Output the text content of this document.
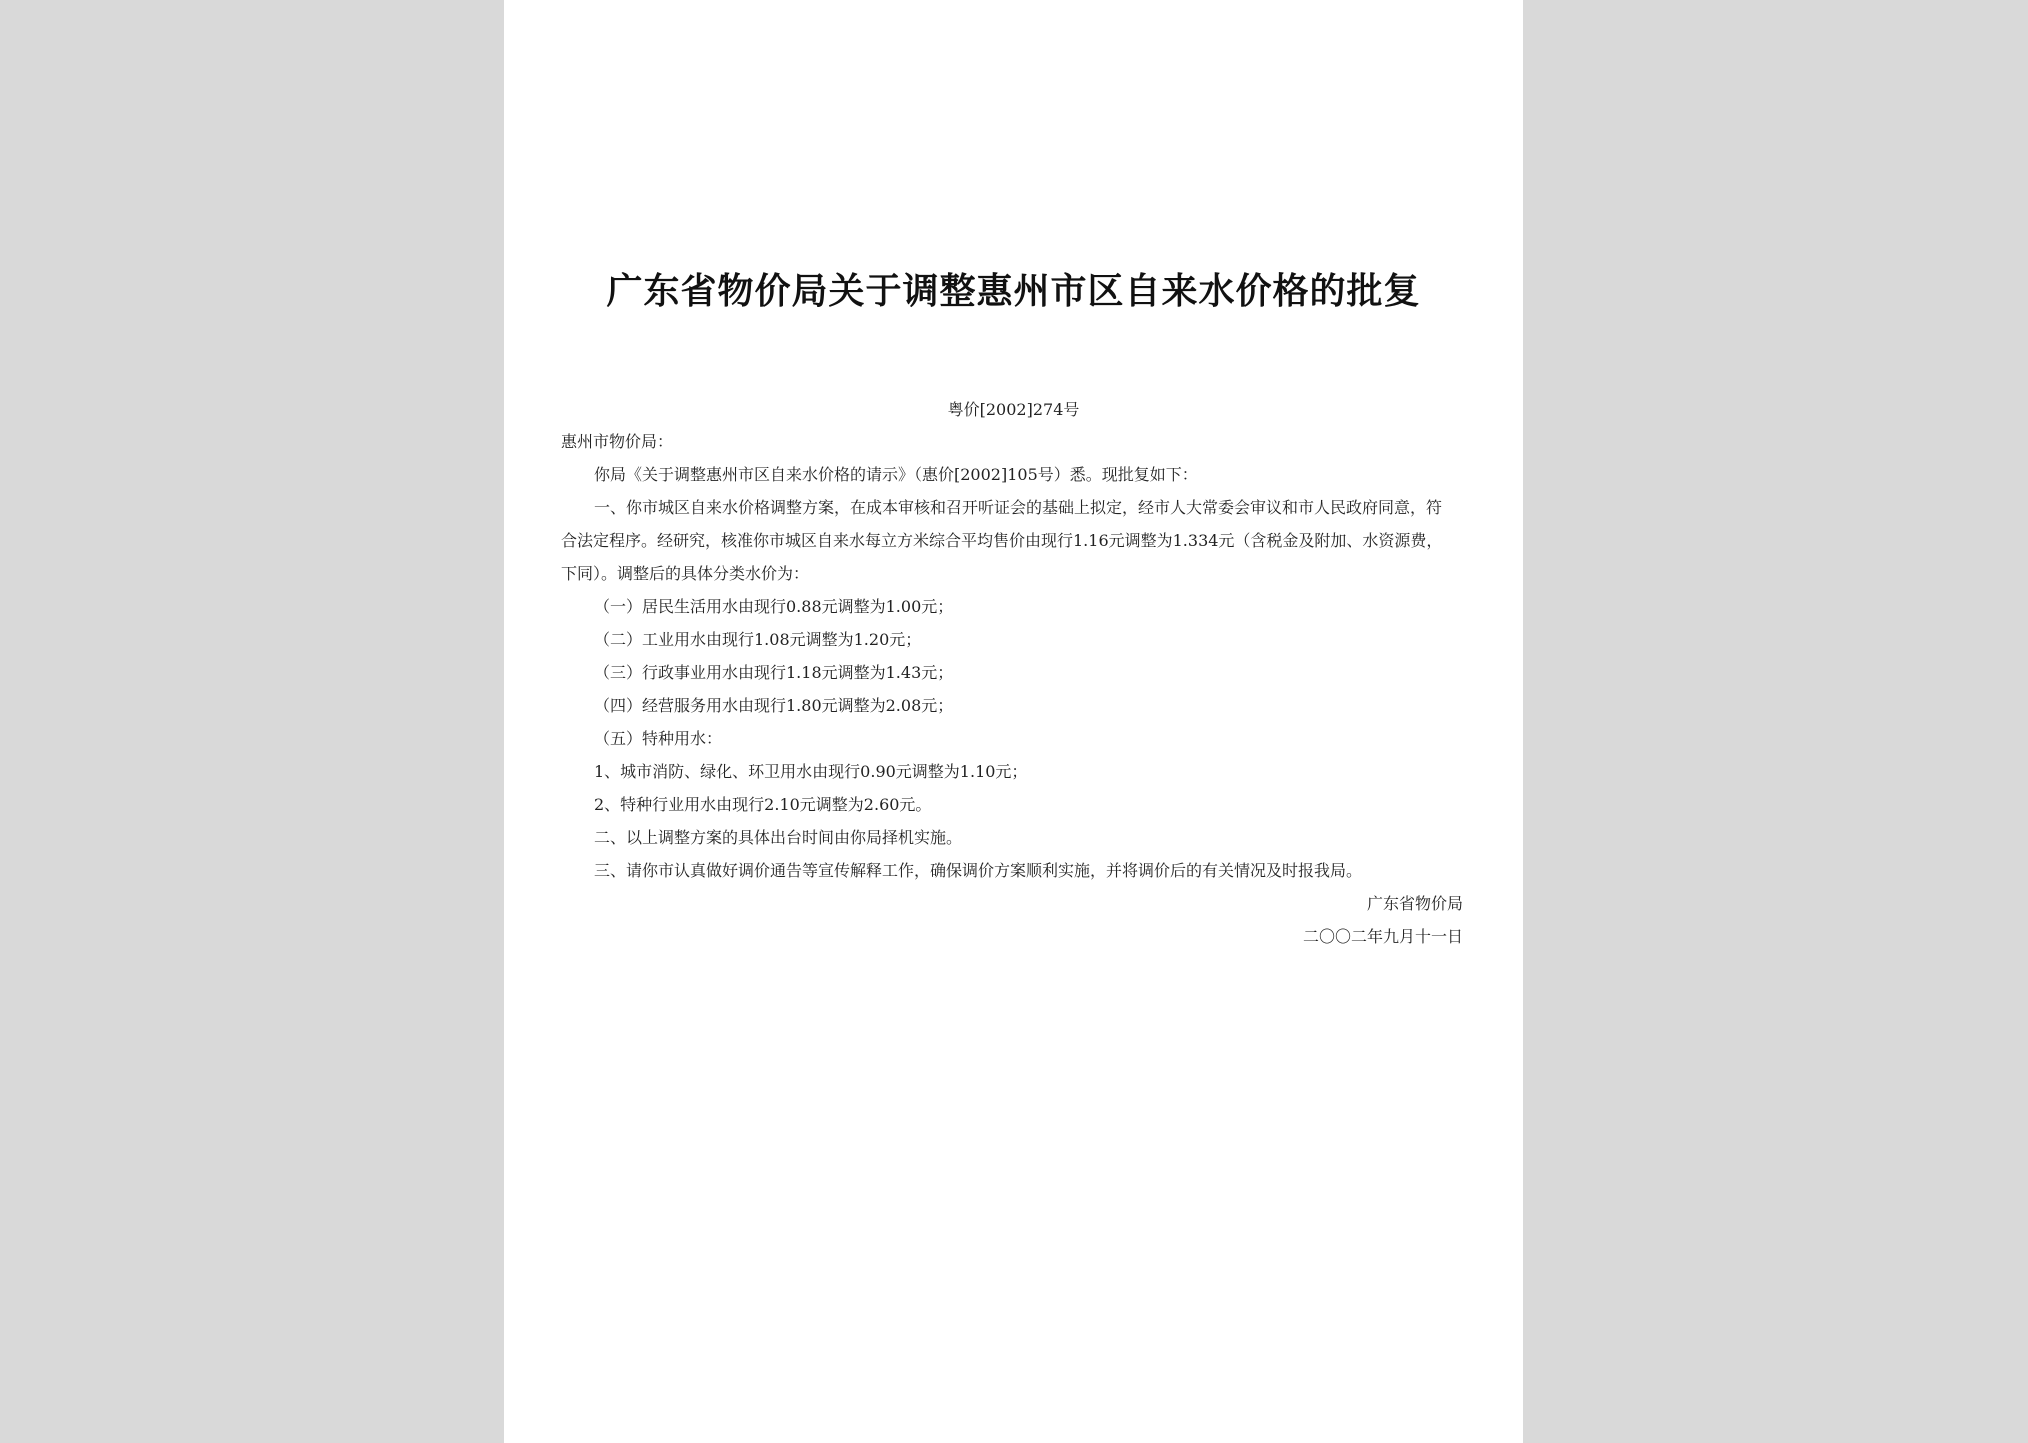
广东省物价局关于调整惠州市区自来水价格的批复
粤价[2002]274号
惠州市物价局：
你局《关于调整惠州市区自来水价格的请示》（惠价[2002]105号）悉。现批复如下：
一、你市城区自来水价格调整方案，在成本审核和召开听证会的基础上拟定，经市人大常委会审议和市人民政府同意，符
合法定程序。经研究，核准你市城区自来水每立方米综合平均售价由现行1.16元调整为1.334元（含税金及附加、水资源费，
下同）。调整后的具体分类水价为：
（一）居民生活用水由现行0.88元调整为1.00元；
（二）工业用水由现行1.08元调整为1.20元；
（三）行政事业用水由现行1.18元调整为1.43元；
（四）经营服务用水由现行1.80元调整为2.08元；
（五）特种用水：
1、城市消防、绿化、环卫用水由现行0.90元调整为1.10元；
2、特种行业用水由现行2.10元调整为2.60元。
二、以上调整方案的具体出台时间由你局择机实施。
三、请你市认真做好调价通告等宣传解释工作，确保调价方案顺利实施，并将调价后的有关情况及时报我局。
广东省物价局
二〇〇二年九月十一日
